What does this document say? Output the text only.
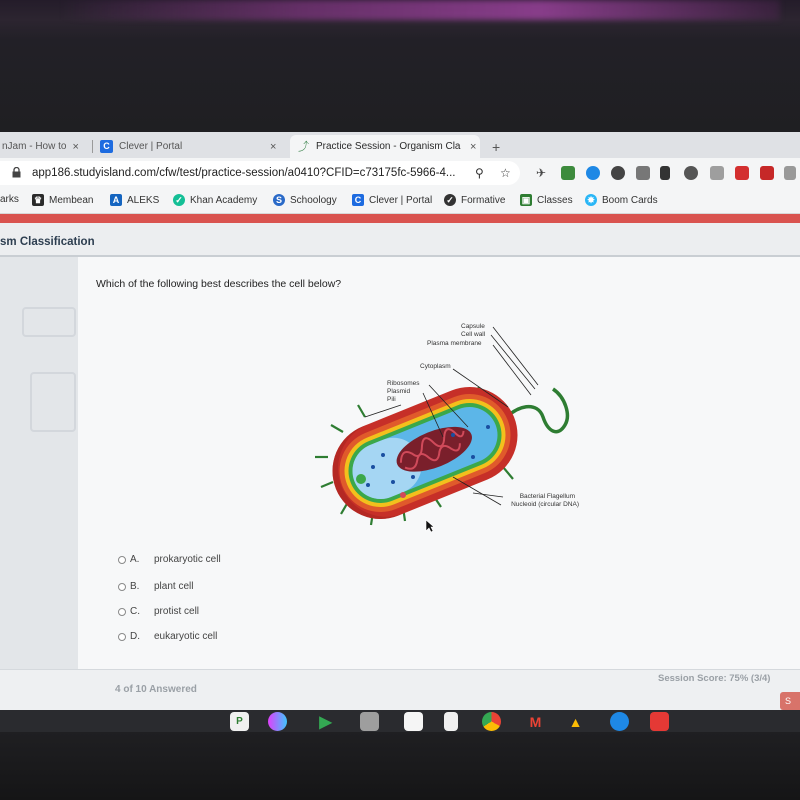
nJam - How to ×	C Clever | Portal	× ⤴ Practice Session - Organism Cla × +
app186.studyisland.com/cfw/test/practice-session/a0410?CFID=c73175fc-5966-4... ⚲ ☆ ✈
arks ♛ Membean	A ALEKS ✓ Khan Academy	S Schoology	C Clever | Portal ✓ Formative ▣ Classes ✸ Boom Cards
sm Classification
Which of the following best describes the cell below?
Capsule
Cell wall
Plasma membrane
Cytoplasm
Ribosomes
Plasmid
Pili
Bacterial Flagellum
Nucleoid (circular DNA)
A.	prokaryotic cell
B.	plant cell
C.	protist cell
D.	eukaryotic cell
4 of 10 Answered
Session Score: 75% (3/4)
S
P	▶	M ▲
